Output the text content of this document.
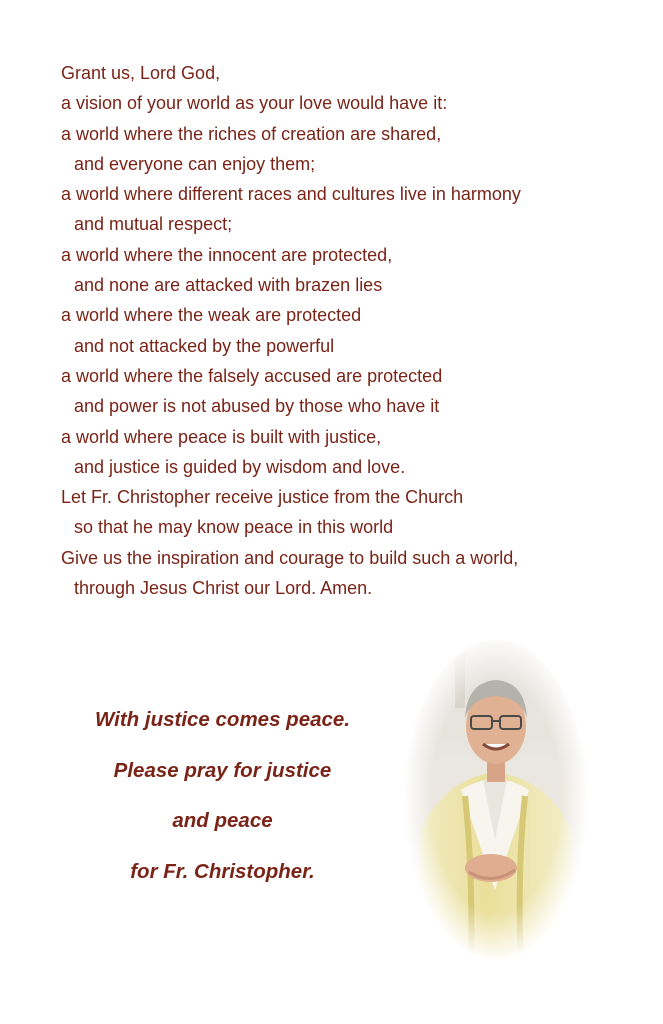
Grant us, Lord God,
a vision of your world as your love would have it:
a world where the riches of creation are shared,
and everyone can enjoy them;
a world where different races and cultures live in harmony
and mutual respect;
a world where the innocent are protected,
and none are attacked with brazen lies
a world where the weak are protected
and not attacked by the powerful
a world where the falsely accused are protected
and power is not abused by those who have it
a world where peace is built with justice,
and justice is guided by wisdom and love.
Let Fr. Christopher receive justice from the Church
so that he may know peace in this world
Give us the inspiration and courage to build such a world,
through Jesus Christ our Lord. Amen.
With justice comes peace.
Please pray for justice
and peace
for Fr. Christopher.
